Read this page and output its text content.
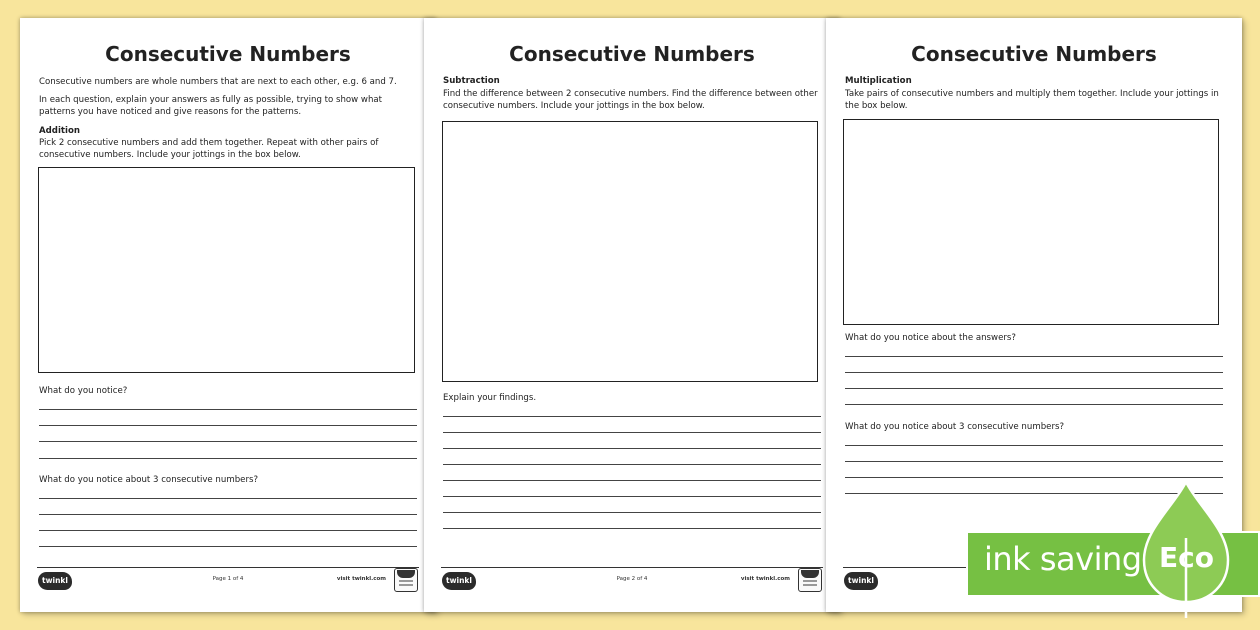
Consecutive Numbers
Consecutive numbers are whole numbers that are next to each other, e.g. 6 and 7.
In each question, explain your answers as fully as possible, trying to show what patterns you have noticed and give reasons for the patterns.
Addition
Pick 2 consecutive numbers and add them together. Repeat with other pairs of consecutive numbers. Include your jottings in the box below.
What do you notice?
What do you notice about 3 consecutive numbers?
twinkl	Page 1 of 4	visit twinkl.com
Consecutive Numbers
Subtraction
Find the difference between 2 consecutive numbers. Find the difference between other consecutive numbers. Include your jottings in the box below.
Explain your findings.
twinkl	Page 2 of 4	visit twinkl.com
Consecutive Numbers
Multiplication
Take pairs of consecutive numbers and multiply them together. Include your jottings in the box below.
What do you notice about the answers?
What do you notice about 3 consecutive numbers?
twinkl
ink saving Eco
